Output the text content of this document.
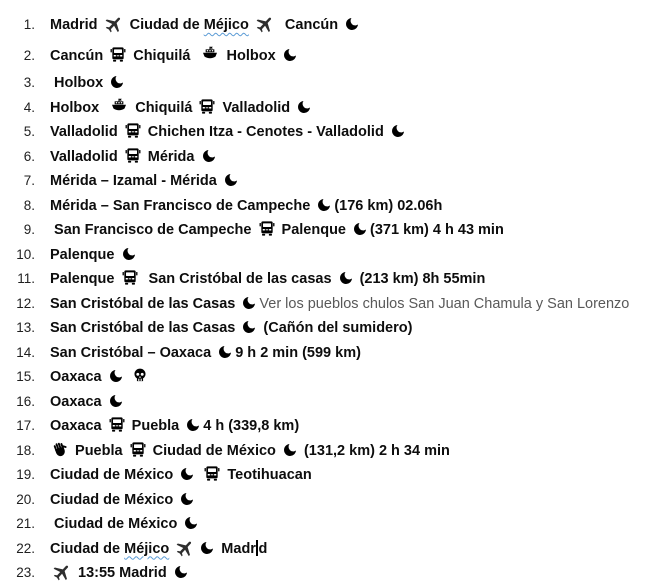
1. Madrid  Ciudad de Méjico   Cancún
2. Cancún  Chiquilá   Holbox
3. Holbox
4. Holbox   Chiquilá  Valladolid
5. Valladolid  Chichen Itza - Cenotes - Valladolid
6. Valladolid  Mérida
7. Mérida – Izamal - Mérida
8. Mérida – San Francisco de Campeche (176 km) 02.06h
9. San Francisco de Campeche  Palenque (371 km) 4 h 43 min
10. Palenque
11. Palenque   San Cristóbal de las casas  (213 km) 8h 55min
12. San Cristóbal de las Casas Ver los pueblos chulos San Juan Chamula y San Lorenzo
13. San Cristóbal de las Casas  (Cañón del sumidero)
14. San Cristóbal – Oaxaca 9 h 2 min (599 km)
15. Oaxaca
16. Oaxaca
17. Oaxaca  Puebla 4 h (339,8 km)
18.	Puebla  Ciudad de México  (131,2 km) 2 h 34 min
19. Ciudad de México	Teotihuacan
20. Ciudad de México
21. Ciudad de México
22. Ciudad de Méjico	Madr d
23.	13:55 Madrid
